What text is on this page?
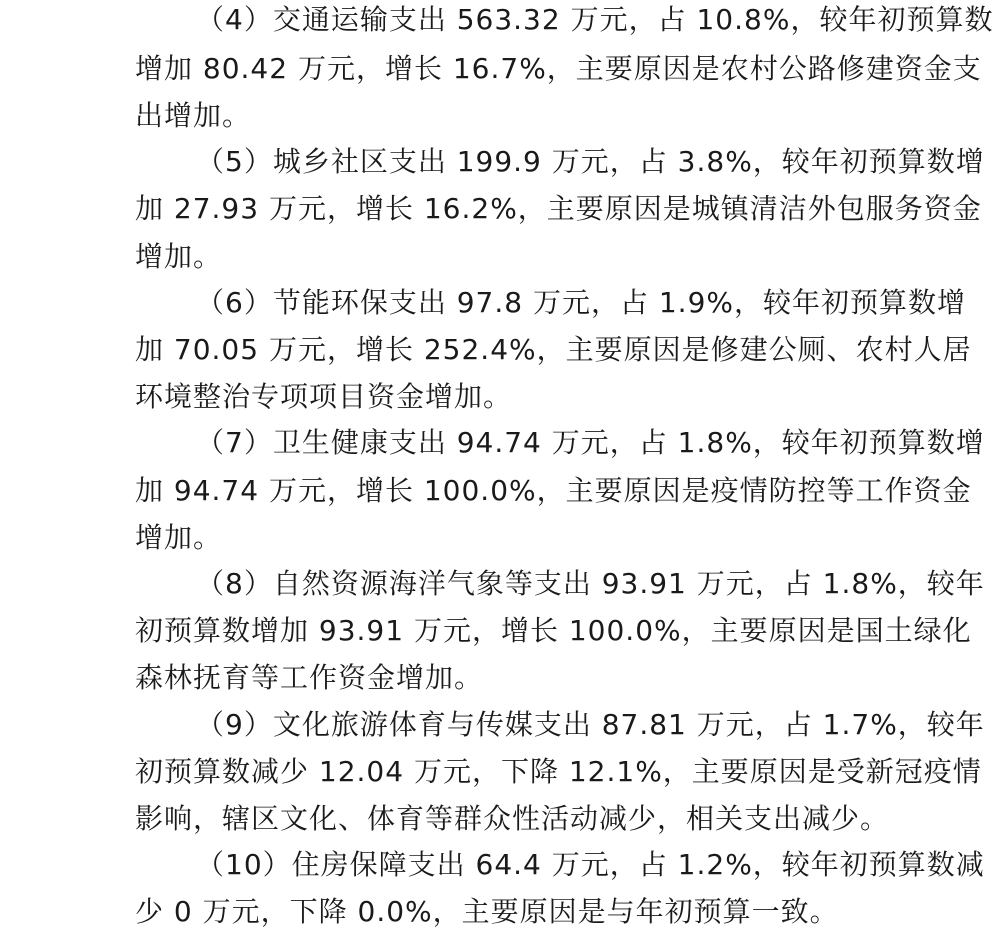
（4）交通运输支出 563.32 万元，占 10.8%，较年初预算数
增加 80.42 万元，增长 16.7%，主要原因是农村公路修建资金支
出增加。
（5）城乡社区支出 199.9 万元，占 3.8%，较年初预算数增
加 27.93 万元，增长 16.2%，主要原因是城镇清洁外包服务资金
增加。
（6）节能环保支出 97.8 万元，占 1.9%，较年初预算数增
加 70.05 万元，增长 252.4%，主要原因是修建公厕、农村人居
环境整治专项项目资金增加。
（7）卫生健康支出 94.74 万元，占 1.8%，较年初预算数增
加 94.74 万元，增长 100.0%，主要原因是疫情防控等工作资金
增加。
（8）自然资源海洋气象等支出 93.91 万元，占 1.8%，较年
初预算数增加 93.91 万元，增长 100.0%，主要原因是国土绿化
森林抚育等工作资金增加。
（9）文化旅游体育与传媒支出 87.81 万元，占 1.7%，较年
初预算数减少 12.04 万元，下降 12.1%，主要原因是受新冠疫情
影响，辖区文化、体育等群众性活动减少，相关支出减少。
（10）住房保障支出 64.4 万元，占 1.2%，较年初预算数减
少 0 万元，下降 0.0%，主要原因是与年初预算一致。
